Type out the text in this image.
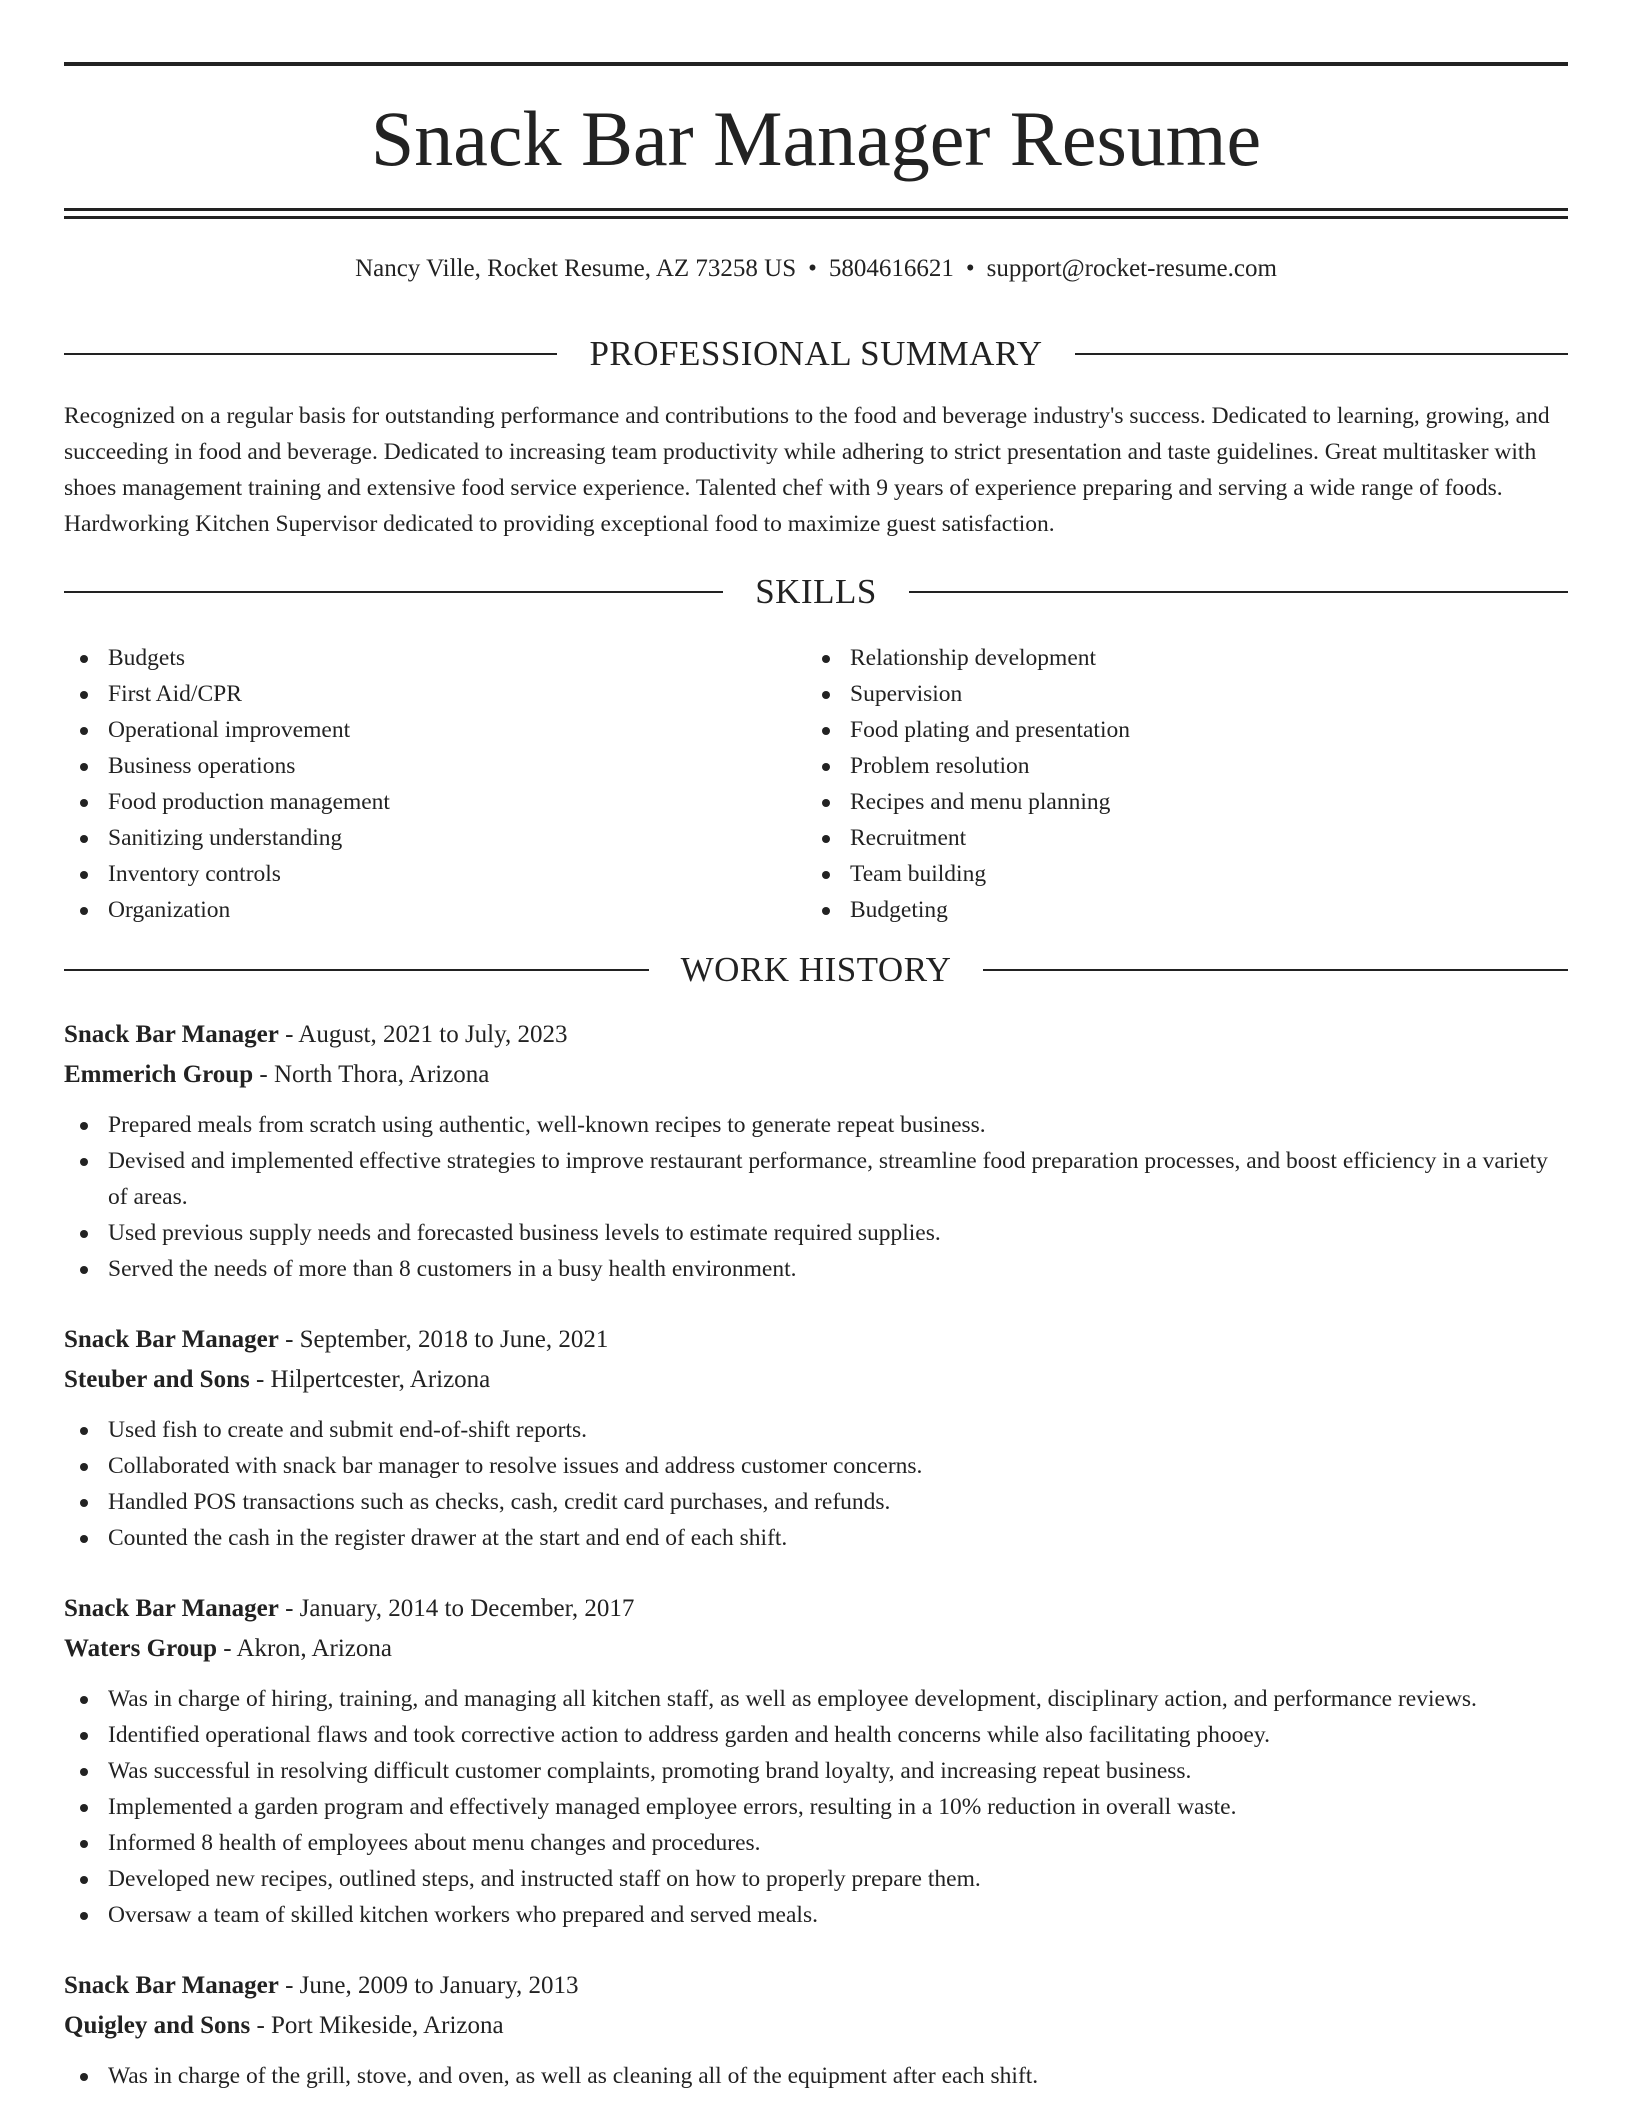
Snack Bar Manager Resume
Nancy Ville, Rocket Resume, AZ 73258 US • 5804616621 • support@rocket-resume.com
PROFESSIONAL SUMMARY

Recognized on a regular basis for outstanding performance and contributions to the food and beverage industry's success. Dedicated to learning, growing, and succeeding in food and beverage. Dedicated to increasing team productivity while adhering to strict presentation and taste guidelines. Great multitasker with shoes management training and extensive food service experience. Talented chef with 9 years of experience preparing and serving a wide range of foods. Hardworking Kitchen Supervisor dedicated to providing exceptional food to maximize guest satisfaction.

SKILLS
Budgets
First Aid/CPR
Operational improvement
Business operations
Food production management
Sanitizing understanding
Inventory controls
Organization
Relationship development
Supervision
Food plating and presentation
Problem resolution
Recipes and menu planning
Recruitment
Team building
Budgeting
WORK HISTORY
Snack Bar Manager - August, 2021 to July, 2023
Emmerich Group - North Thora, Arizona
Prepared meals from scratch using authentic, well-known recipes to generate repeat business.
Devised and implemented effective strategies to improve restaurant performance, streamline food preparation processes, and boost efficiency in a variety of areas.
Used previous supply needs and forecasted business levels to estimate required supplies.
Served the needs of more than 8 customers in a busy health environment.
Snack Bar Manager - September, 2018 to June, 2021
Steuber and Sons - Hilpertcester, Arizona
Used fish to create and submit end-of-shift reports.
Collaborated with snack bar manager to resolve issues and address customer concerns.
Handled POS transactions such as checks, cash, credit card purchases, and refunds.
Counted the cash in the register drawer at the start and end of each shift.
Snack Bar Manager - January, 2014 to December, 2017
Waters Group - Akron, Arizona
Was in charge of hiring, training, and managing all kitchen staff, as well as employee development, disciplinary action, and performance reviews.
Identified operational flaws and took corrective action to address garden and health concerns while also facilitating phooey.
Was successful in resolving difficult customer complaints, promoting brand loyalty, and increasing repeat business.
Implemented a garden program and effectively managed employee errors, resulting in a 10% reduction in overall waste.
Informed 8 health of employees about menu changes and procedures.
Developed new recipes, outlined steps, and instructed staff on how to properly prepare them.
Oversaw a team of skilled kitchen workers who prepared and served meals.
Snack Bar Manager - June, 2009 to January, 2013
Quigley and Sons - Port Mikeside, Arizona
Was in charge of the grill, stove, and oven, as well as cleaning all of the equipment after each shift.
